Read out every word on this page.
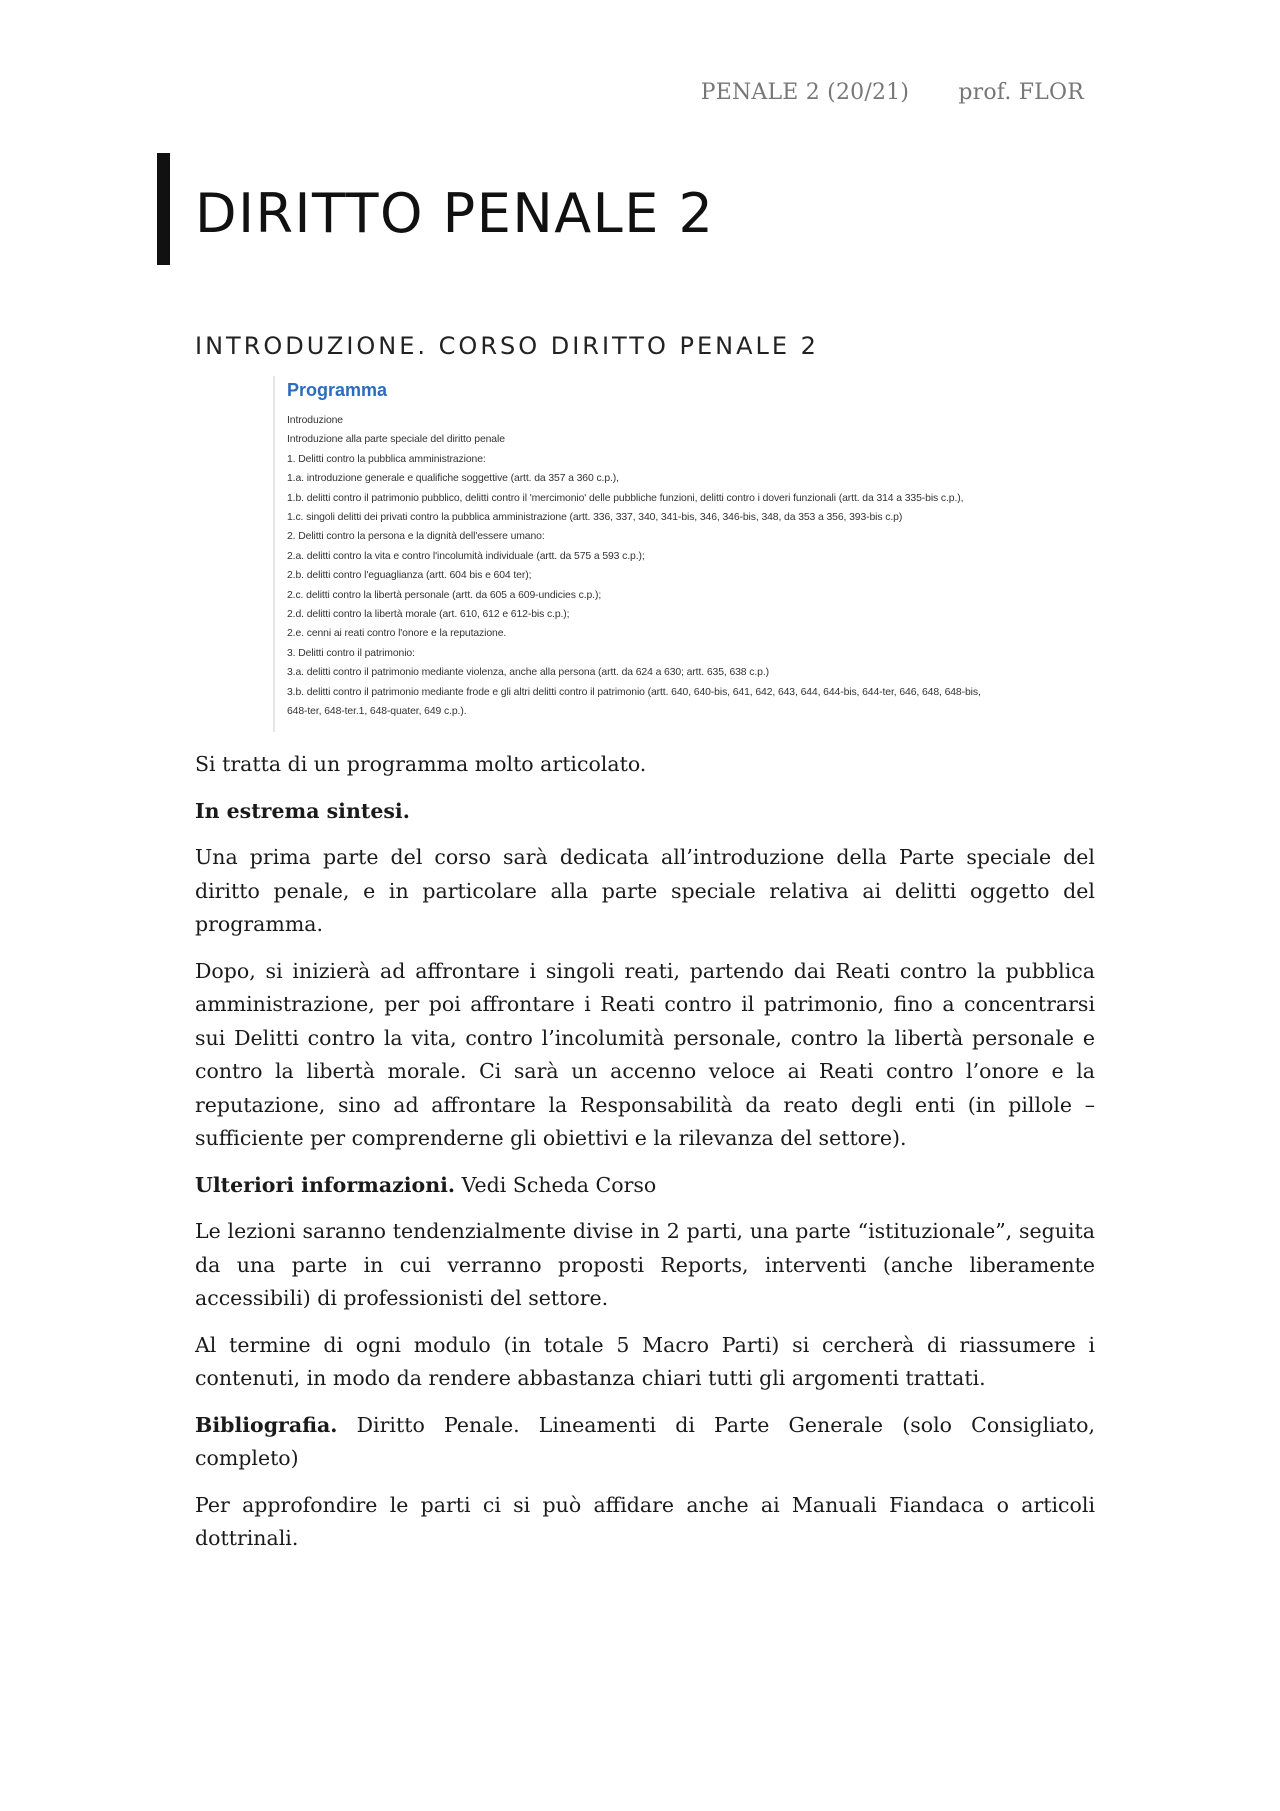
PENALE 2 (20/21) prof. FLOR
DIRITTO PENALE 2
INTRODUZIONE. CORSO DIRITTO PENALE 2
Programma
Introduzione
Introduzione alla parte speciale del diritto penale
1. Delitti contro la pubblica amministrazione:
1.a. introduzione generale e qualifiche soggettive (artt. da 357 a 360 c.p.),
1.b. delitti contro il patrimonio pubblico, delitti contro il 'mercimonio' delle pubbliche funzioni, delitti contro i doveri funzionali (artt. da 314 a 335-bis c.p.),
1.c. singoli delitti dei privati contro la pubblica amministrazione (artt. 336, 337, 340, 341-bis, 346, 346-bis, 348, da 353 a 356, 393-bis c.p)
2. Delitti contro la persona e la dignità dell'essere umano:
2.a. delitti contro la vita e contro l'incolumità individuale (artt. da 575 a 593 c.p.);
2.b. delitti contro l'eguaglianza (artt. 604 bis e 604 ter);
2.c. delitti contro la libertà personale (artt. da 605 a 609-undicies c.p.);
2.d. delitti contro la libertà morale (art. 610, 612 e 612-bis c.p.);
2.e. cenni ai reati contro l'onore e la reputazione.
3. Delitti contro il patrimonio:
3.a. delitti contro il patrimonio mediante violenza, anche alla persona (artt. da 624 a 630; artt. 635, 638 c.p.)
3.b. delitti contro il patrimonio mediante frode e gli altri delitti contro il patrimonio (artt. 640, 640-bis, 641, 642, 643, 644, 644-bis, 644-ter, 646, 648, 648-bis,
648-ter, 648-ter.1, 648-quater, 649 c.p.).

Si tratta di un programma molto articolato.

In estrema sintesi.

Una prima parte del corso sarà dedicata all’introduzione della Parte speciale del diritto penale, e in particolare alla parte speciale relativa ai delitti oggetto del programma.

Dopo, si inizierà ad affrontare i singoli reati, partendo dai Reati contro la pubblica amministrazione, per poi affrontare i Reati contro il patrimonio, fino a concentrarsi sui Delitti contro la vita, contro l’incolumità personale, contro la libertà personale e contro la libertà morale. Ci sarà un accenno veloce ai Reati contro l’onore e la reputazione, sino ad affrontare la Responsabilità da reato degli enti (in pillole – sufficiente per comprenderne gli obiettivi e la rilevanza del settore).

Ulteriori informazioni. Vedi Scheda Corso

Le lezioni saranno tendenzialmente divise in 2 parti, una parte “istituzionale”, seguita da una parte in cui verranno proposti Reports, interventi (anche liberamente accessibili) di professionisti del settore.

Al termine di ogni modulo (in totale 5 Macro Parti) si cercherà di riassumere i contenuti, in modo da rendere abbastanza chiari tutti gli argomenti trattati.

Bibliografia. Diritto Penale. Lineamenti di Parte Generale (solo Consigliato, completo)

Per approfondire le parti ci si può affidare anche ai Manuali Fiandaca o articoli dottrinali.
